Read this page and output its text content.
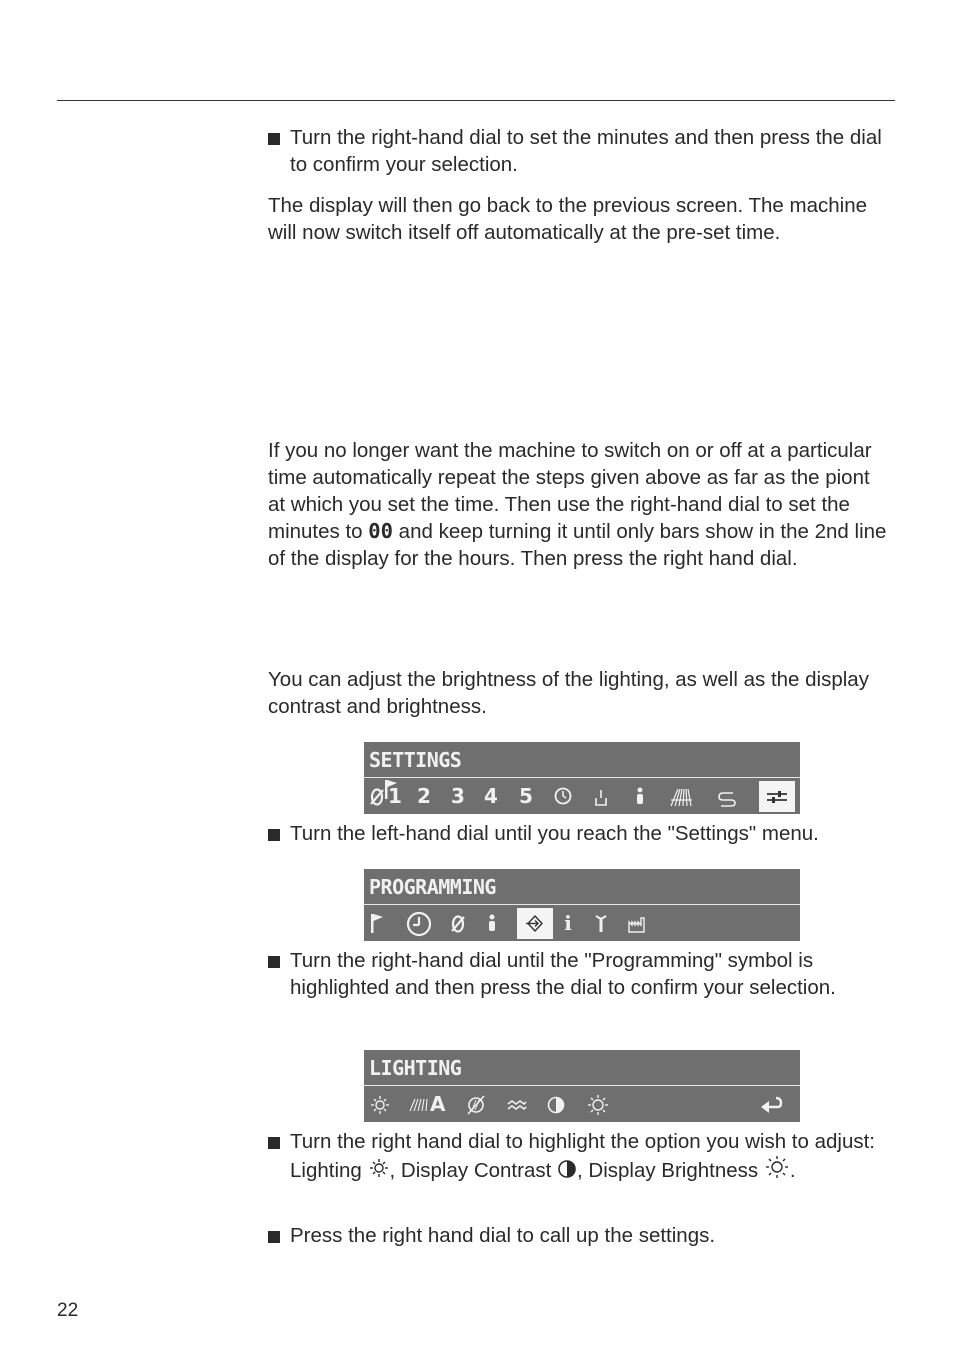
Turn the right-hand dial to set the minutes and then press the dial to confirm your selection.

The display will then go back to the previous screen. The machine will now switch itself off automatically at the pre-set time.

If you no longer want the machine to switch on or off at a particular time automatically repeat the steps given above as far as the piont at which you set the time. Then use the right-hand dial to set the minutes to 00 and keep turning it until only bars show in the 2nd line of the display for the hours. Then press the right hand dial.

You can adjust the brightness of the lighting, as well as the display contrast and brightness.

SETTINGS
1 2 3 4 5

Turn the left-hand dial until you reach the "Settings" menu.

PROGRAMMING
i

Turn the right-hand dial until the "Programming" symbol is highlighted and then press the dial to confirm your selection.

LIGHTING
A

Turn the right hand dial to highlight the option you wish to adjust:
Lighting , Display Contrast , Display Brightness .

Press the right hand dial to call up the settings.

22
